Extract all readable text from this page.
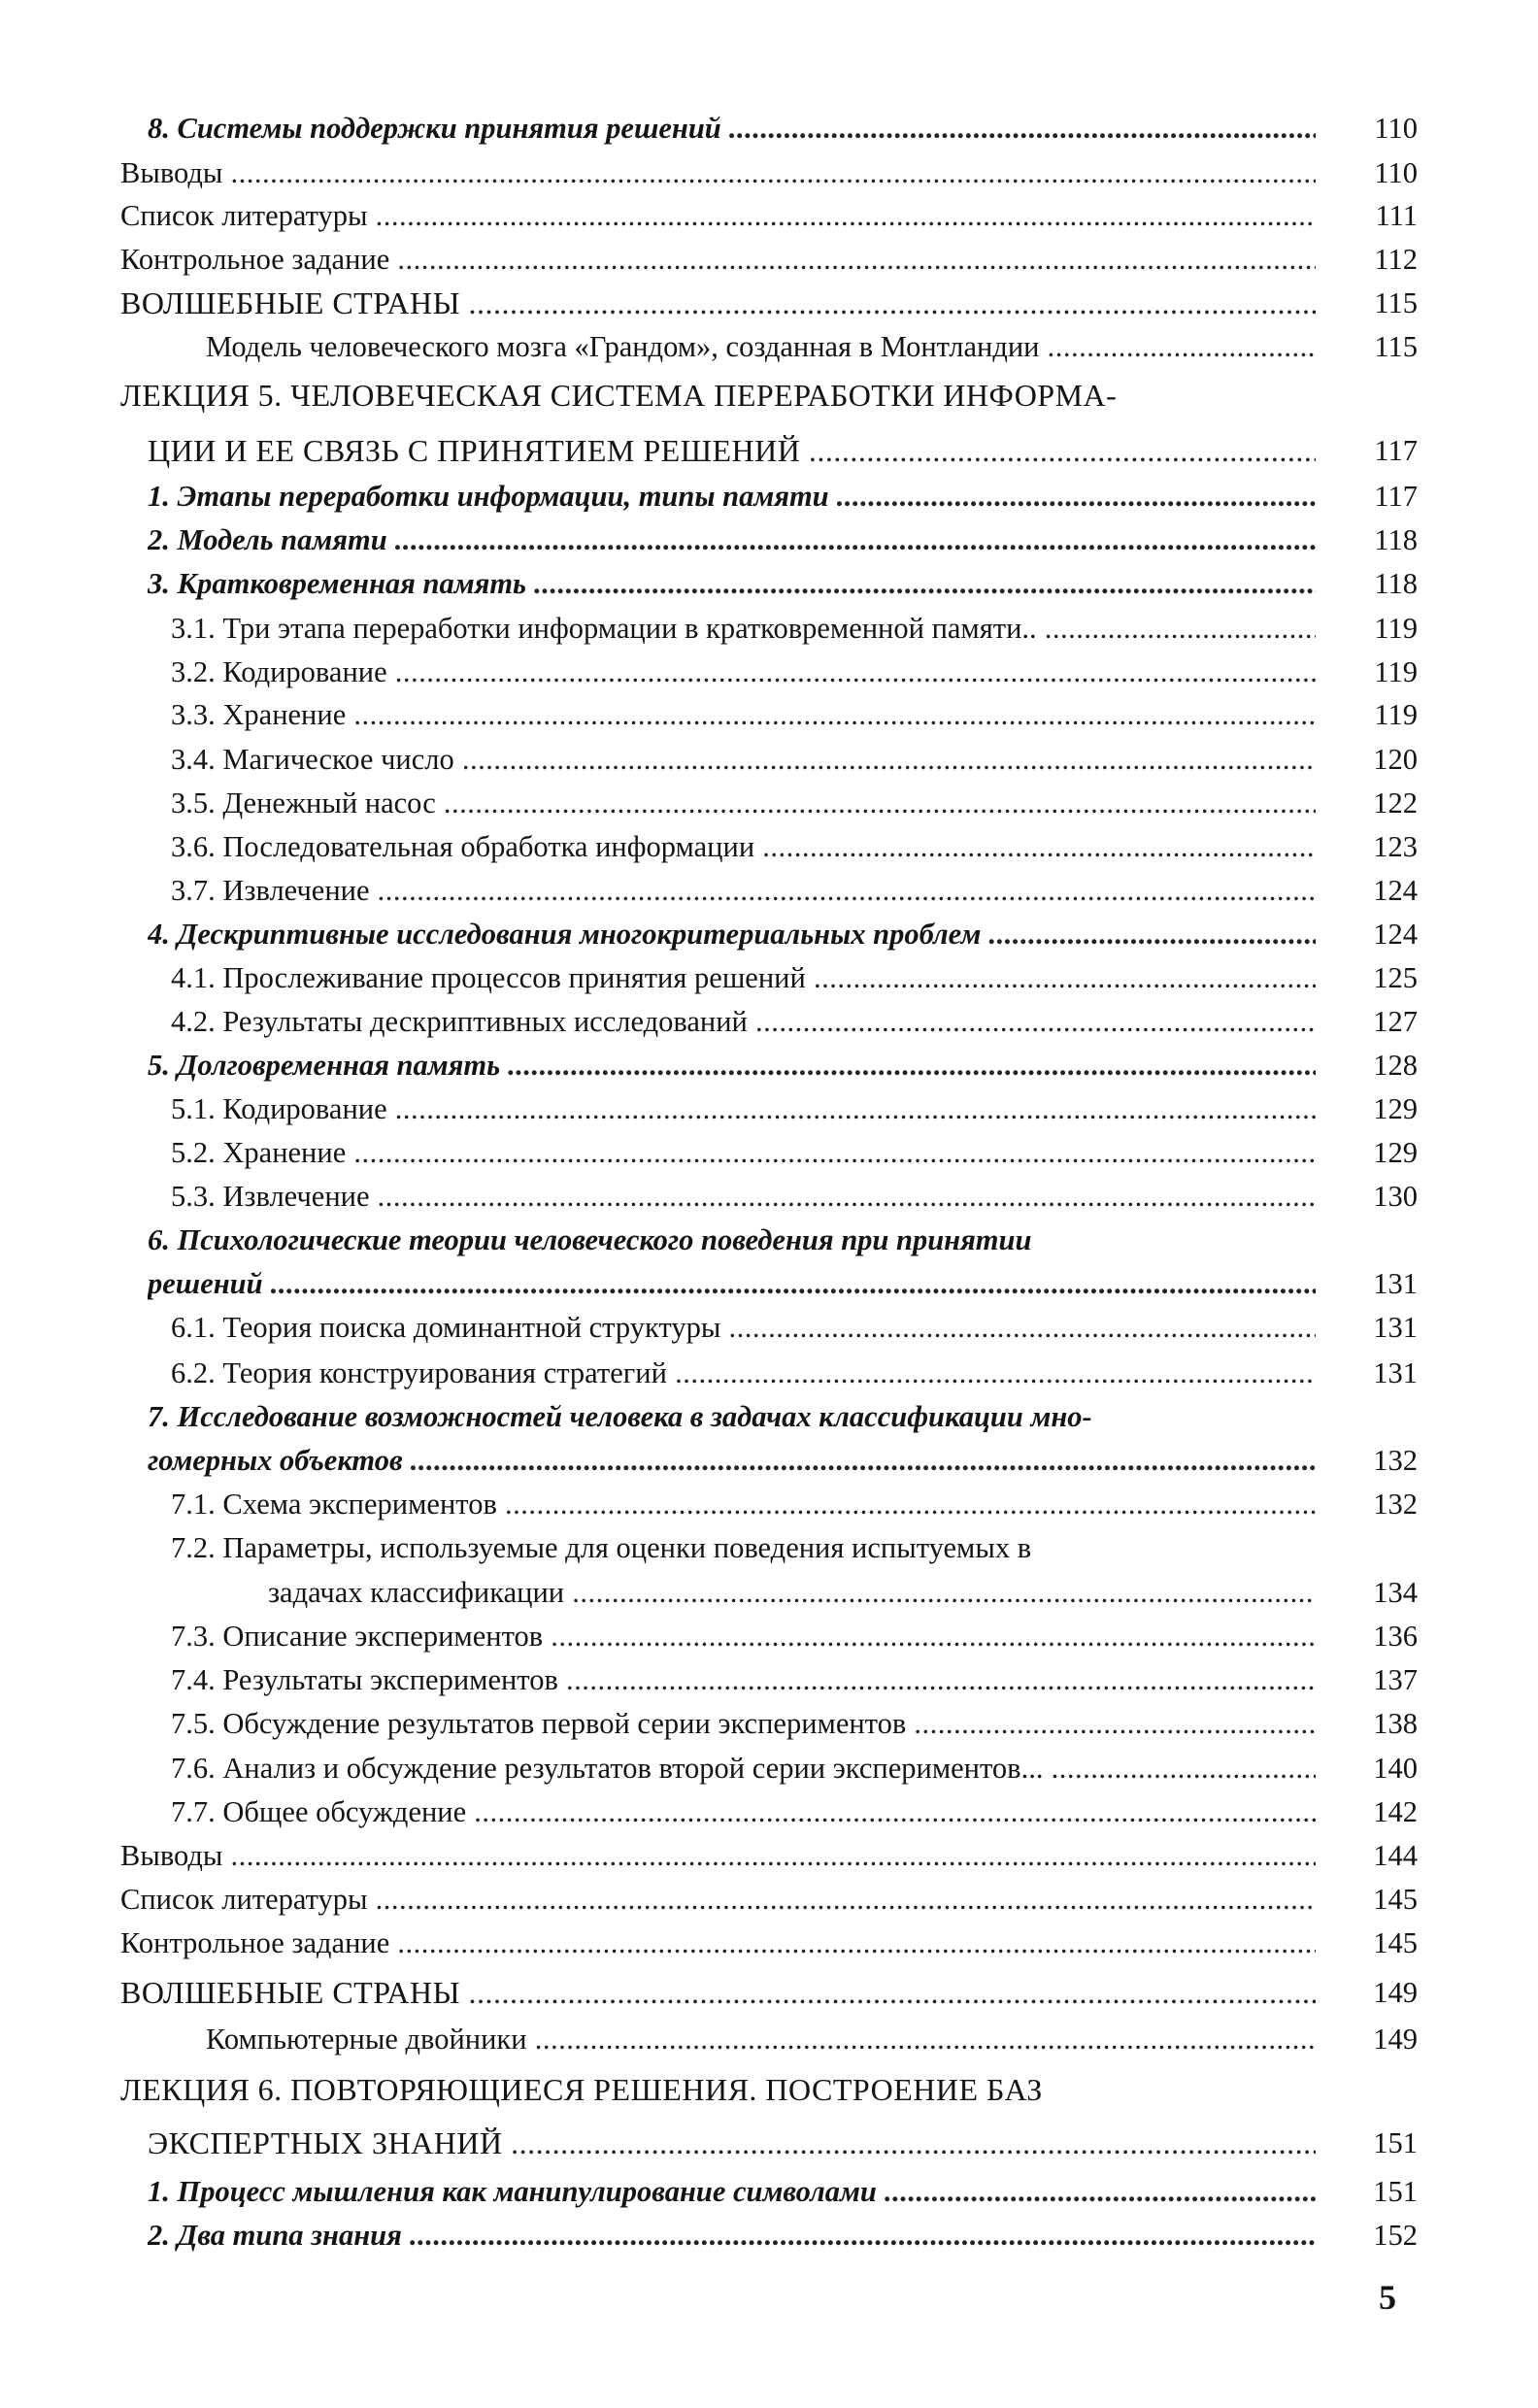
8. Системы поддержки принятия решений .....	110
Выводы .....	110
Список литературы .....	111
Контрольное задание .....	112
ВОЛШЕБНЫЕ СТРАНЫ .....	115
Модель человеческого мозга «Грандом», созданная в Монтландии .....	115
ЛЕКЦИЯ 5. ЧЕЛОВЕЧЕСКАЯ СИСТЕМА ПЕРЕРАБОТКИ ИНФОРМА-
ЦИИ И ЕЕ СВЯЗЬ С ПРИНЯТИЕМ РЕШЕНИЙ .....	117
1. Этапы переработки информации, типы памяти .....	117
2. Модель памяти .....	118
3. Кратковременная память .....	118
3.1. Три этапа переработки информации в кратковременной памяти.. .....	119
3.2. Кодирование .....	119
3.3. Хранение .....	119
3.4. Магическое число .....	120
3.5. Денежный насос .....	122
3.6. Последовательная обработка информации .....	123
3.7. Извлечение .....	124
4. Дескриптивные исследования многокритериальных проблем .....	124
4.1. Прослеживание процессов принятия решений .....	125
4.2. Результаты дескриптивных исследований .....	127
5. Долговременная память .....	128
5.1. Кодирование .....	129
5.2. Хранение .....	129
5.3. Извлечение .....	130
6. Психологические теории человеческого поведения при принятии
решений .....	131
6.1. Теория поиска доминантной структуры .....	131
6.2. Теория конструирования стратегий .....	131
7. Исследование возможностей человека в задачах классификации мно-
гомерных объектов .....	132
7.1. Схема экспериментов .....	132
7.2. Параметры, используемые для оценки поведения испытуемых в
задачах классификации .....	134
7.3. Описание экспериментов .....	136
7.4. Результаты экспериментов .....	137
7.5. Обсуждение результатов первой серии экспериментов .....	138
7.6. Анализ и обсуждение результатов второй серии экспериментов... .....	140
7.7. Общее обсуждение .....	142
Выводы .....	144
Список литературы .....	145
Контрольное задание .....	145
ВОЛШЕБНЫЕ СТРАНЫ .....	149
Компьютерные двойники .....	149
ЛЕКЦИЯ 6. ПОВТОРЯЮЩИЕСЯ РЕШЕНИЯ. ПОСТРОЕНИЕ БАЗ
ЭКСПЕРТНЫХ ЗНАНИЙ .....	151
1. Процесс мышления как манипулирование символами .....	151
2. Два типа знания .....	152
5
